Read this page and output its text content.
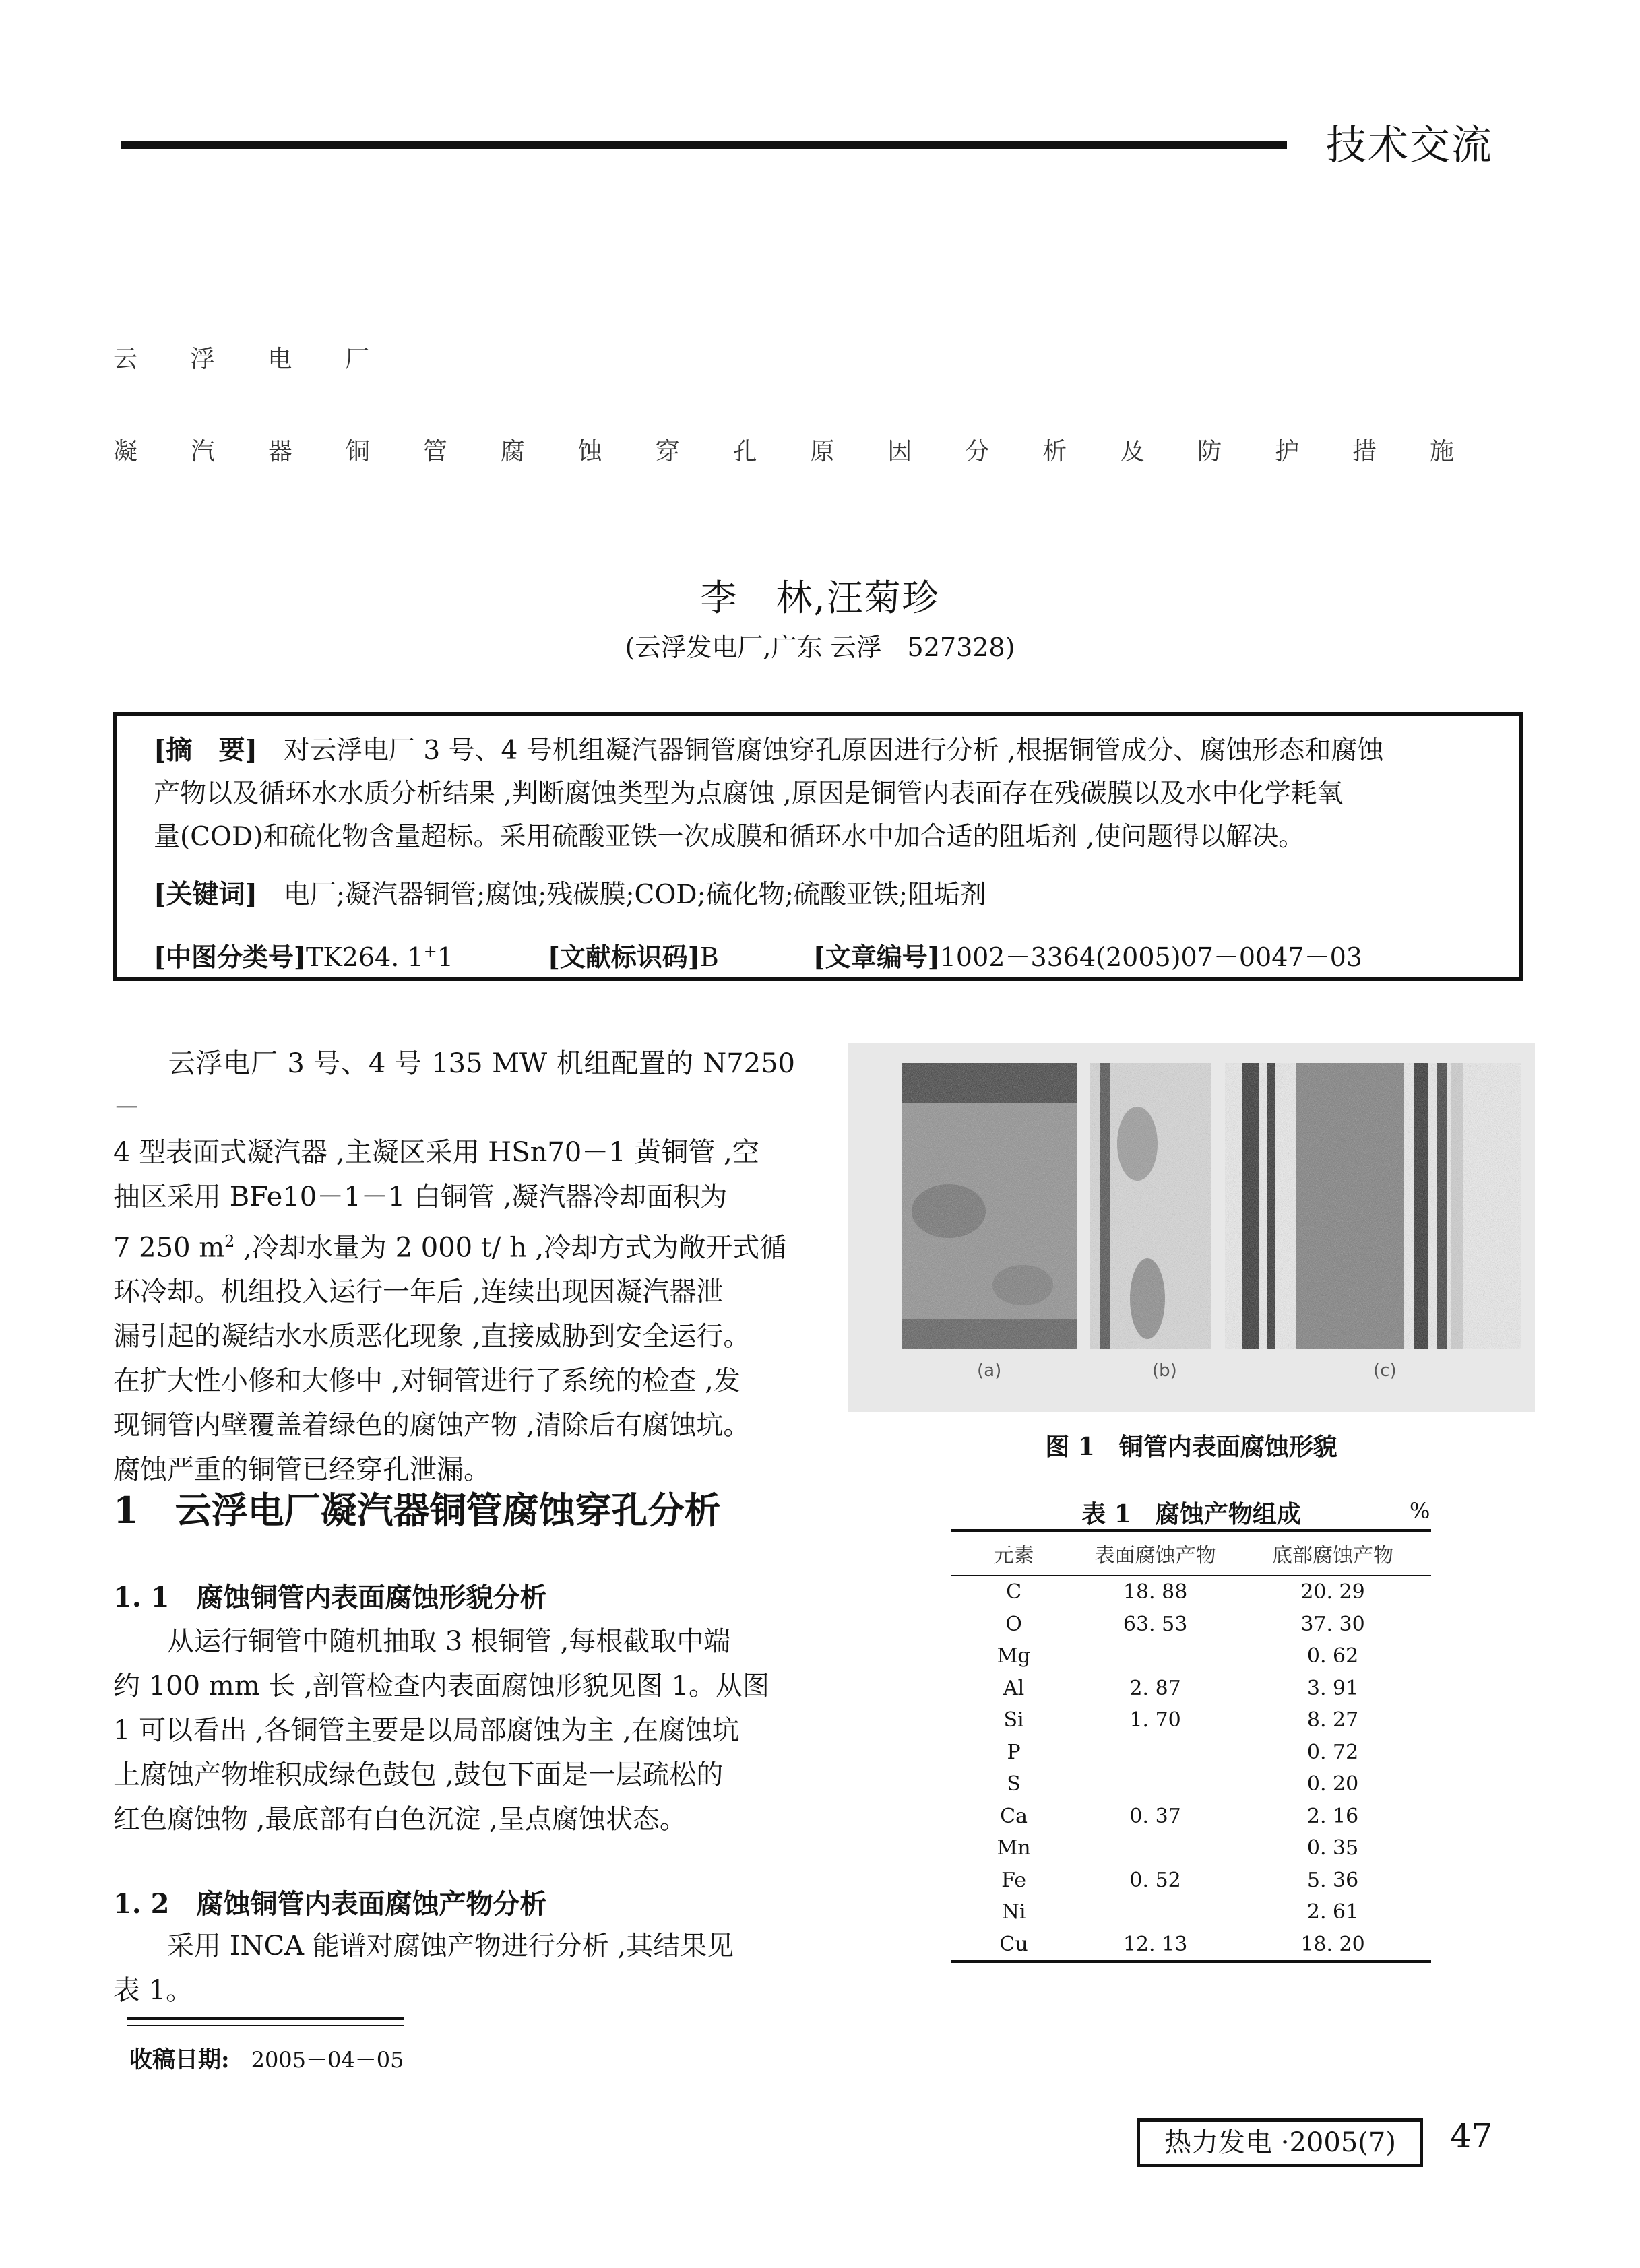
技术交流
云 浮 电 厂
凝 汽 器 铜 管 腐 蚀 穿 孔 原 因 分 析 及 防 护 措 施
李　林,汪菊珍
(云浮发电厂,广东 云浮　527328)
[摘　要]　 对云浮电厂 3 号、4 号机组凝汽器铜管腐蚀穿孔原因进行分析 ,根据铜管成分、腐蚀形态和腐蚀
产物以及循环水水质分析结果 ,判断腐蚀类型为点腐蚀 ,原因是铜管内表面存在残碳膜以及水中化学耗氧
量(COD)和硫化物含量超标。采用硫酸亚铁一次成膜和循环水中加合适的阻垢剂 ,使问题得以解决。
[关键词]　 电厂;凝汽器铜管;腐蚀;残碳膜;COD;硫化物;硫酸亚铁;阻垢剂
[中图分类号]TK264. 1+1	[文献标识码]B	[文章编号]1002－3364(2005)07－0047－03
　　云浮电厂 3 号、4 号 135 MW 机组配置的 N7250－
4 型表面式凝汽器 ,主凝区采用 HSn70－1 黄铜管 ,空
抽区采用 BFe10－1－1 白铜管 ,凝汽器冷却面积为
7 250 $m^2$ ,冷却水量为 2 000 t/ h ,冷却方式为敞开式循
环冷却。机组投入运行一年后 ,连续出现因凝汽器泄
漏引起的凝结水水质恶化现象 ,直接威胁到安全运行。
在扩大性小修和大修中 ,对铜管进行了系统的检查 ,发
现铜管内壁覆盖着绿色的腐蚀产物 ,清除后有腐蚀坑。
腐蚀严重的铜管已经穿孔泄漏。
1　云浮电厂凝汽器铜管腐蚀穿孔分析
1. 1　腐蚀铜管内表面腐蚀形貌分析
　　从运行铜管中随机抽取 3 根铜管 ,每根截取中端
约 100 mm 长 ,剖管检查内表面腐蚀形貌见图 1。从图
1 可以看出 ,各铜管主要是以局部腐蚀为主 ,在腐蚀坑
上腐蚀产物堆积成绿色鼓包 ,鼓包下面是一层疏松的
红色腐蚀物 ,最底部有白色沉淀 ,呈点腐蚀状态。
1. 2　腐蚀铜管内表面腐蚀产物分析
　　采用 INCA 能谱对腐蚀产物进行分析 ,其结果见
表 1。
(a)	(b)	(c)
图 1　铜管内表面腐蚀形貌
表 1　腐蚀产物组成	%
元素	表面腐蚀产物	底部腐蚀产物
C	18. 88	20. 29
O	63. 53	37. 30
Mg		0. 62
Al	2. 87	3. 91
Si	1. 70	8. 27
P		0. 72
S		0. 20
Ca	0. 37	2. 16
Mn		0. 35
Fe	0. 52	5. 36
Ni		2. 61
Cu	12. 13	18. 20
收稿日期:　 2005－04－05
热力发电 ·2005(7)	47
